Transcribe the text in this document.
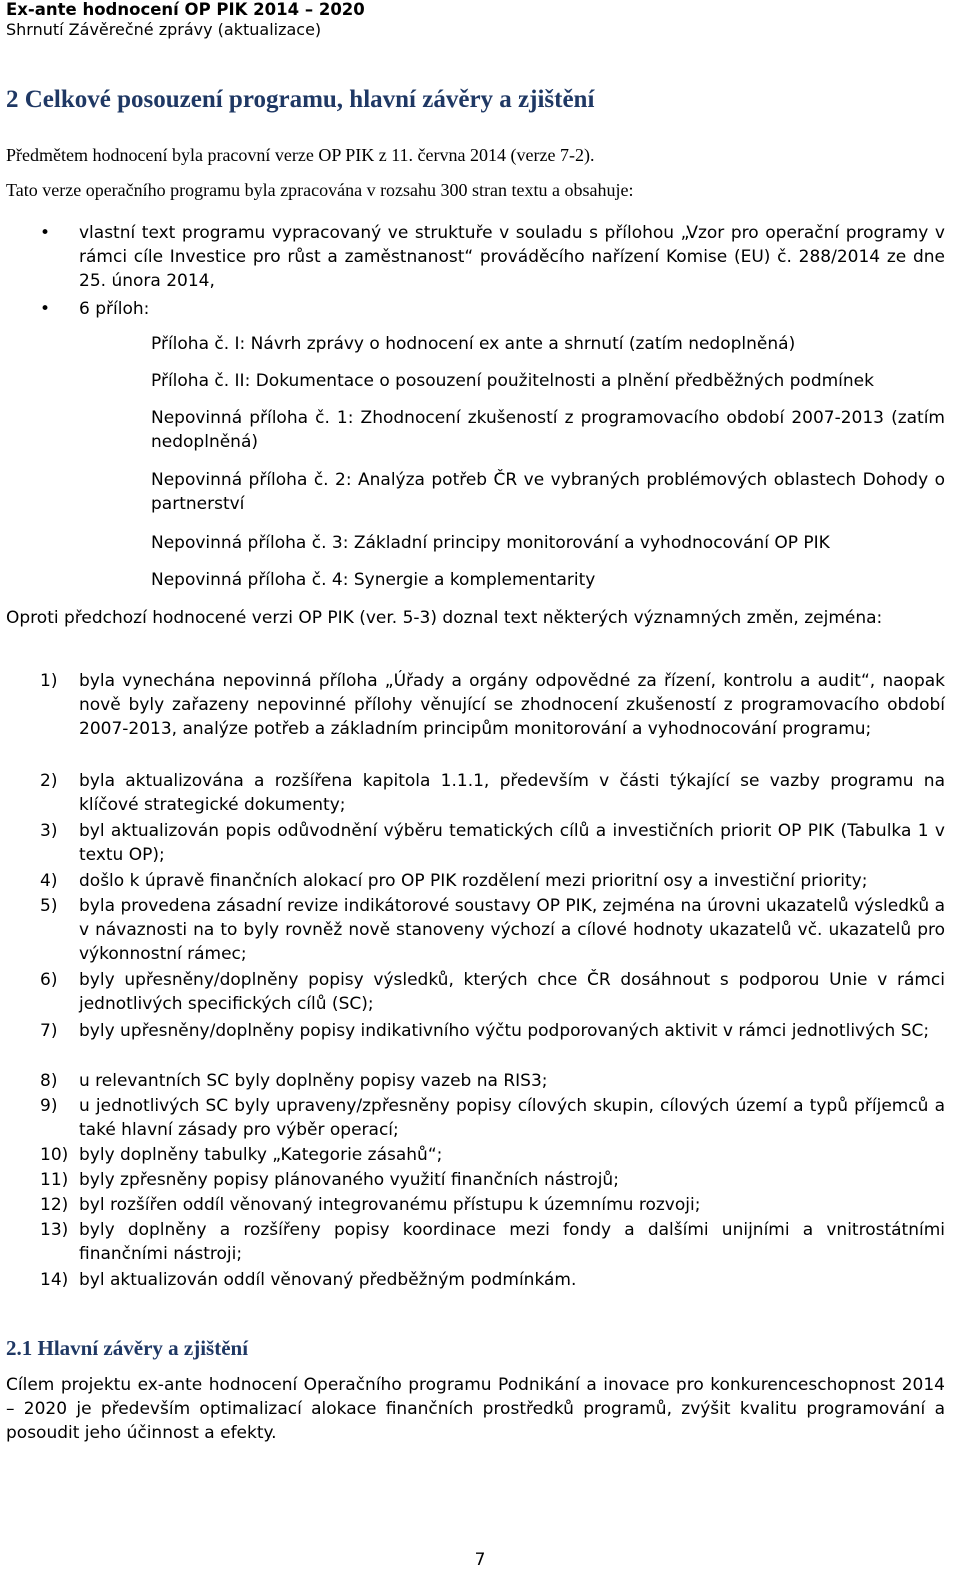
Ex-ante hodnocení OP PIK 2014 – 2020
Shrnutí Závěrečné zprávy (aktualizace)
2 Celkové posouzení programu, hlavní závěry a zjištění
Předmětem hodnocení byla pracovní verze OP PIK z 11. června 2014 (verze 7-2).
Tato verze operačního programu byla zpracována v rozsahu 300 stran textu a obsahuje:
•	vlastní text programu vypracovaný ve struktuře v souladu s přílohou „Vzor pro operační programy v rámci cíle Investice pro růst a zaměstnanost“ prováděcího nařízení Komise (EU) č. 288/2014 ze dne 25. února 2014,
•	6 příloh:
Příloha č. I: Návrh zprávy o hodnocení ex ante a shrnutí (zatím nedoplněná)
Příloha č. II: Dokumentace o posouzení použitelnosti a plnění předběžných podmínek
Nepovinná příloha č. 1: Zhodnocení zkušeností z programovacího období 2007-2013 (zatím nedoplněná)
Nepovinná příloha č. 2: Analýza potřeb ČR ve vybraných problémových oblastech Dohody o partnerství
Nepovinná příloha č. 3: Základní principy monitorování a vyhodnocování OP PIK
Nepovinná příloha č. 4: Synergie a komplementarity
Oproti předchozí hodnocené verzi OP PIK (ver. 5-3) doznal text některých významných změn, zejména:
1)	byla vynechána nepovinná příloha „Úřady a orgány odpovědné za řízení, kontrolu a audit“, naopak nově byly zařazeny nepovinné přílohy věnující se zhodnocení zkušeností z programovacího období 2007-2013, analýze potřeb a základním principům monitorování a vyhodnocování programu;
2)	byla aktualizována a rozšířena kapitola 1.1.1, především v části týkající se vazby programu na klíčové strategické dokumenty;
3)	byl aktualizován popis odůvodnění výběru tematických cílů a investičních priorit OP PIK (Tabulka 1 v textu OP);
4)	došlo k úpravě finančních alokací pro OP PIK rozdělení mezi prioritní osy a investiční priority;
5)	byla provedena zásadní revize indikátorové soustavy OP PIK, zejména na úrovni ukazatelů výsledků a v návaznosti na to byly rovněž nově stanoveny výchozí a cílové hodnoty ukazatelů vč. ukazatelů pro výkonnostní rámec;
6)	byly upřesněny/doplněny popisy výsledků, kterých chce ČR dosáhnout s podporou Unie v rámci jednotlivých specifických cílů (SC);
7)	byly upřesněny/doplněny popisy indikativního výčtu podporovaných aktivit v rámci jednotlivých SC;
8)	u relevantních SC byly doplněny popisy vazeb na RIS3;
9)	u jednotlivých SC byly upraveny/zpřesněny popisy cílových skupin, cílových území a typů příjemců a také hlavní zásady pro výběr operací;
10) byly doplněny tabulky „Kategorie zásahů“;
11) byly zpřesněny popisy plánovaného využití finančních nástrojů;
12) byl rozšířen oddíl věnovaný integrovanému přístupu k územnímu rozvoji;
13) byly doplněny a rozšířeny popisy koordinace mezi fondy a dalšími unijními a vnitrostátními finančními nástroji;
14) byl aktualizován oddíl věnovaný předběžným podmínkám.
2.1 Hlavní závěry a zjištění
Cílem projektu ex-ante hodnocení Operačního programu Podnikání a inovace pro konkurenceschopnost 2014 – 2020 je především optimalizací alokace finančních prostředků programů, zvýšit kvalitu programování a posoudit jeho účinnost a efekty.
7
